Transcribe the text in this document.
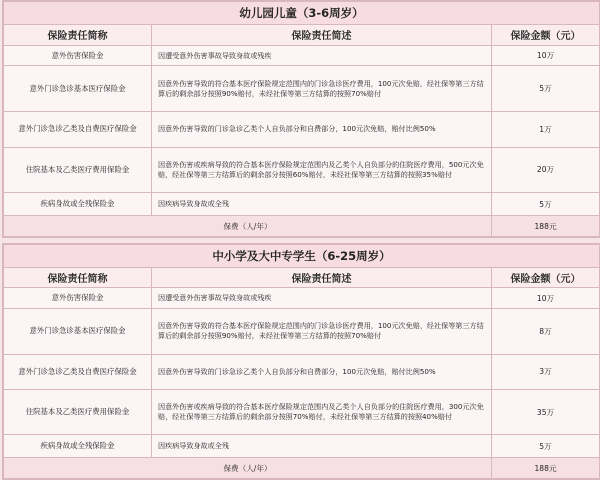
幼儿园儿童（3-6周岁）		
保险责任简称	保险责任简述	保险金额（元）
意外伤害保险金	因遭受意外伤害事故导致身故或残疾	10万
意外门诊急诊基本医疗保险金	因意外伤害导致的符合基本医疗保险规定范围内的门诊急诊医疗费用，100元次免赔，经社保等第三方结算后的剩余部分按照90%赔付，未经社保等第三方结算的按照70%赔付	5万
意外门诊急诊乙类及自费医疗保险金	因意外伤害导致的门诊急诊乙类个人自负部分和自费部分，100元次免赔，赔付比例50%	1万
住院基本及乙类医疗费用保险金	因意外伤害或疾病导致的符合基本医疗保险规定范围内及乙类个人自负部分的住院医疗费用，500元次免赔，经社保等第三方结算后的剩余部分按照60%赔付，未经社保等第三方结算的按照35%赔付	20万
疾病身故或全残保险金	因疾病导致身故或全残	5万
保费（人/年）		188元
中小学及大中专学生（6-25周岁）		
保险责任简称	保险责任简述	保险金额（元）
意外伤害保险金	因遭受意外伤害事故导致身故或残疾	10万
意外门诊急诊基本医疗保险金	因意外伤害导致的符合基本医疗保险规定范围内的门诊急诊医疗费用，100元次免赔，经社保等第三方结算后的剩余部分按照90%赔付，未经社保等第三方结算的按照70%赔付	8万
意外门诊急诊乙类及自费医疗保险金	因意外伤害导致的门诊急诊乙类个人自负部分和自费部分，100元次免赔，赔付比例50%	3万
住院基本及乙类医疗费用保险金	因意外伤害或疾病导致的符合基本医疗保险规定范围内及乙类个人自负部分的住院医疗费用，300元次免赔，经社保等第三方结算后的剩余部分按照70%赔付，未经社保等第三方结算的按照40%赔付	35万
疾病身故或全残保险金	因疾病导致身故或全残	5万
保费（人/年）		188元
